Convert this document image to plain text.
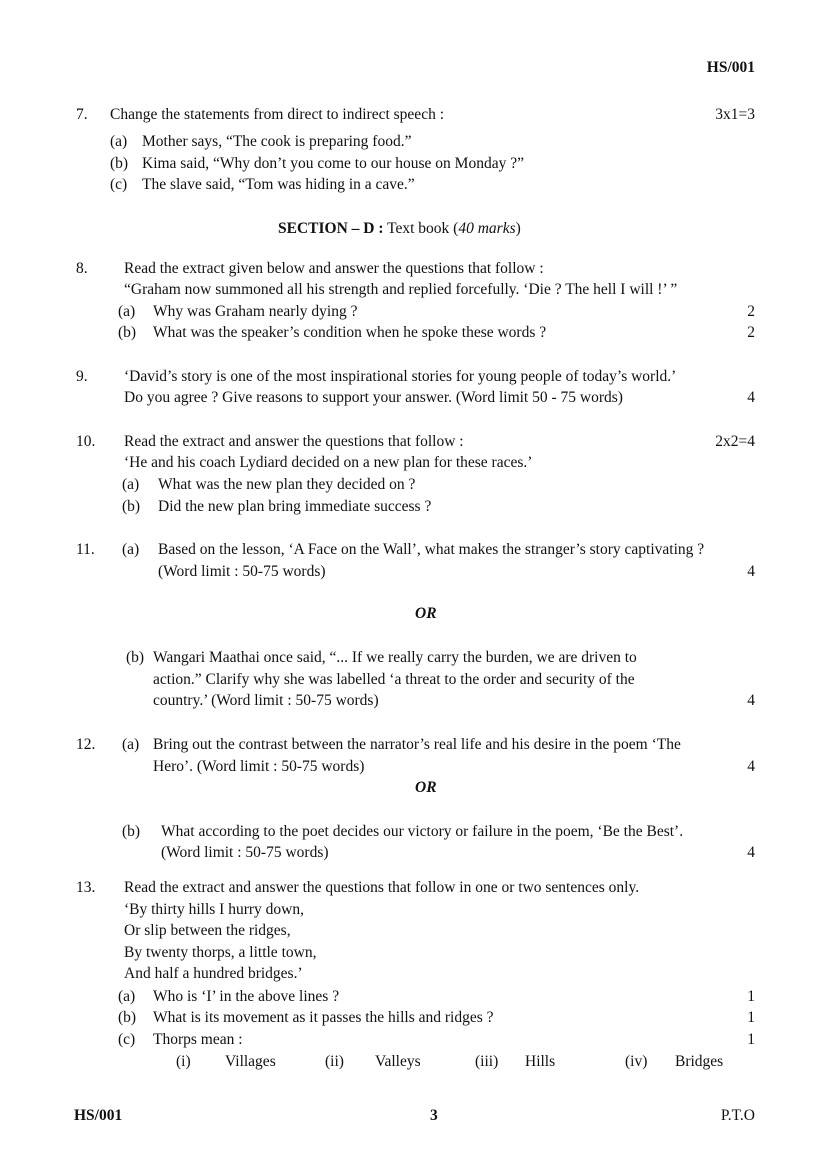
HS/001
7. Change the statements from direct to indirect speech :	3x1=3
(a) Mother says, “The cook is preparing food.”
(b) Kima said, “Why don’t you come to our house on Monday ?”
(c) The slave said, “Tom was hiding in a cave.”
SECTION – D : Text book (40 marks)
8. Read the extract given below and answer the questions that follow :
“Graham now summoned all his strength and replied forcefully. ‘Die ? The hell I will !’ ”
(a) Why was Graham nearly dying ?	2
(b) What was the speaker’s condition when he spoke these words ?	2
9. ‘David’s story is one of the most inspirational stories for young people of today’s world.’
Do you agree ? Give reasons to support your answer. (Word limit 50 - 75 words)	4
10. Read the extract and answer the questions that follow :	2x2=4
‘He and his coach Lydiard decided on a new plan for these races.’
(a) What was the new plan they decided on ?
(b) Did the new plan bring immediate success ?
11. (a) Based on the lesson, ‘A Face on the Wall’, what makes the stranger’s story captivating ?
(Word limit : 50-75 words)	4
OR
(b) Wangari Maathai once said, “... If we really carry the burden, we are driven to
action.” Clarify why she was labelled ‘a threat to the order and security of the
country.’ (Word limit : 50-75 words)	4
12. (a) Bring out the contrast between the narrator’s real life and his desire in the poem ‘The
Hero’. (Word limit : 50-75 words)	4
OR
(b) What according to the poet decides our victory or failure in the poem, ‘Be the Best’.
(Word limit : 50-75 words)	4
13. Read the extract and answer the questions that follow in one or two sentences only.
‘By thirty hills I hurry down,
Or slip between the ridges,
By twenty thorps, a little town,
And half a hundred bridges.’
(a) Who is ‘I’ in the above lines ?	1
(b) What is its movement as it passes the hills and ridges ?	1
(c) Thorps mean :	1
(i) Villages	(ii) Valleys	(iii) Hills	(iv) Bridges
HS/001	3	P.T.O
